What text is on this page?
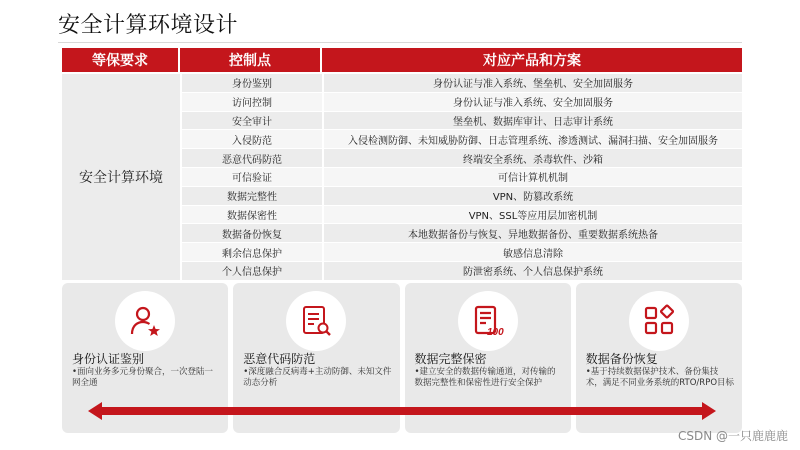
安全计算环境设计
等保要求	控制点	对应产品和方案
安全计算环境
身份鉴别	身份认证与准入系统、堡垒机、安全加固服务
访问控制	身份认证与准入系统、安全加固服务
安全审计	堡垒机、数据库审计、日志审计系统
入侵防范	入侵检测防御、未知威胁防御、日志管理系统、渗透测试、漏洞扫描、安全加固服务
恶意代码防范	终端安全系统、杀毒软件、沙箱
可信验证	可信计算机机制
数据完整性	VPN、防篡改系统
数据保密性	VPN、SSL等应用层加密机制
数据备份恢复	本地数据备份与恢复、异地数据备份、重要数据系统热备
剩余信息保护	敏感信息清除
个人信息保护	防泄密系统、个人信息保护系统
身份认证鉴别
•面向业务多元身份聚合，一次登陆一网全通
恶意代码防范
•深度融合反病毒+主动防御、未知文件动态分析
100
数据完整保密
•建立安全的数据传输通道，对传输的数据完整性和保密性进行安全保护
数据备份恢复
•基于持续数据保护技术、备份集技术，满足不同业务系统的RTO/RPO目标
CSDN @一只鹿鹿鹿
